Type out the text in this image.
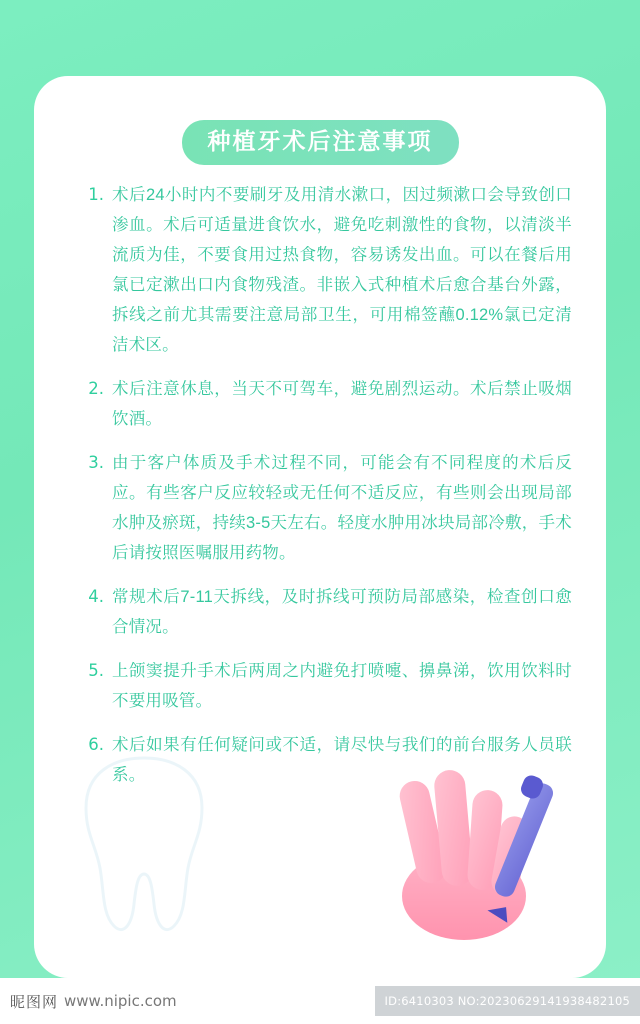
种植牙术后注意事项
1. 术后24小时内不要刷牙及用清水漱口，因过频漱口会导致创口渗血。术后可适量进食饮水，避免吃刺激性的食物，以清淡半流质为佳，不要食用过热食物，容易诱发出血。可以在餐后用氯已定漱出口内食物残渣。非嵌入式种植术后愈合基台外露，拆线之前尤其需要注意局部卫生，可用棉签蘸0.12%氯已定清洁术区。
2. 术后注意休息，当天不可驾车，避免剧烈运动。术后禁止吸烟饮酒。
3. 由于客户体质及手术过程不同，可能会有不同程度的术后反应。有些客户反应较轻或无任何不适反应，有些则会出现局部水肿及瘀斑，持续3-5天左右。轻度水肿用冰块局部冷敷，手术后请按照医嘱服用药物。
4. 常规术后7-11天拆线，及时拆线可预防局部感染，检查创口愈合情况。
5. 上颌窦提升手术后两周之内避免打喷嚏、擤鼻涕，饮用饮料时不要用吸管。
6. 术后如果有任何疑问或不适，请尽快与我们的前台服务人员联系。
昵图网 www.nipic.com	ID:6410303 NO:20230629141938482105
